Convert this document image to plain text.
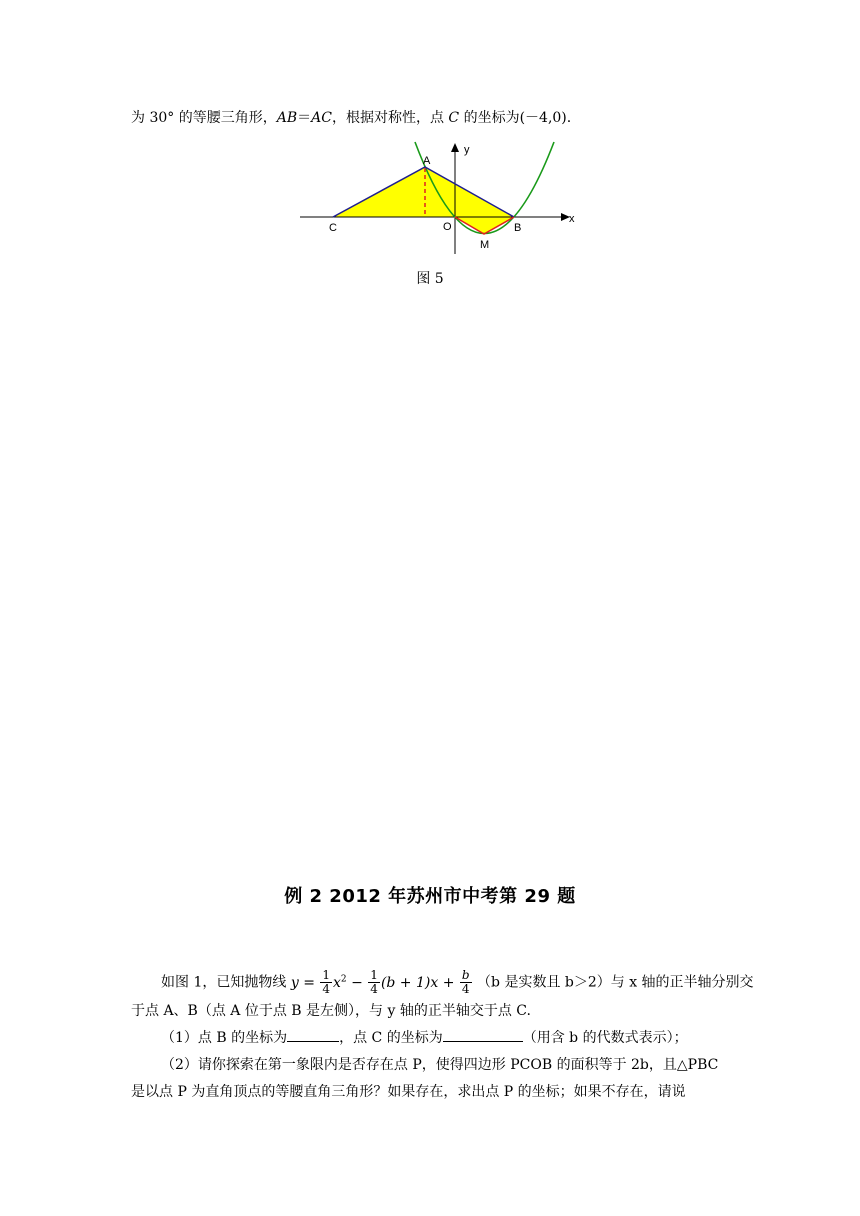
为 30° 的等腰三角形，AB＝AC，根据对称性，点 C 的坐标为(－4,0).
y
x
A
C	O	B
M
图 5
例 2 2012 年苏州市中考第 29 题
如图 1，已知抛物线 $y = \frac{1}{4} x^2 - \frac{1}{4} (b + 1)x + \frac{b}{4} (b$ 是实数且 b＞2）与 x 轴的正半轴分别交
于点 A、B（点 A 位于点 B 是左侧），与 y 轴的正半轴交于点 C.
（1）点 B 的坐标为	，点 C 的坐标为	（用含 b 的代数式表示）；
（2）请你探索在第一象限内是否存在点 P，使得四边形 PCOB 的面积等于 2b，且△PBC
是以点 P 为直角顶点的等腰直角三角形？如果存在，求出点 P 的坐标；如果不存在，请说
